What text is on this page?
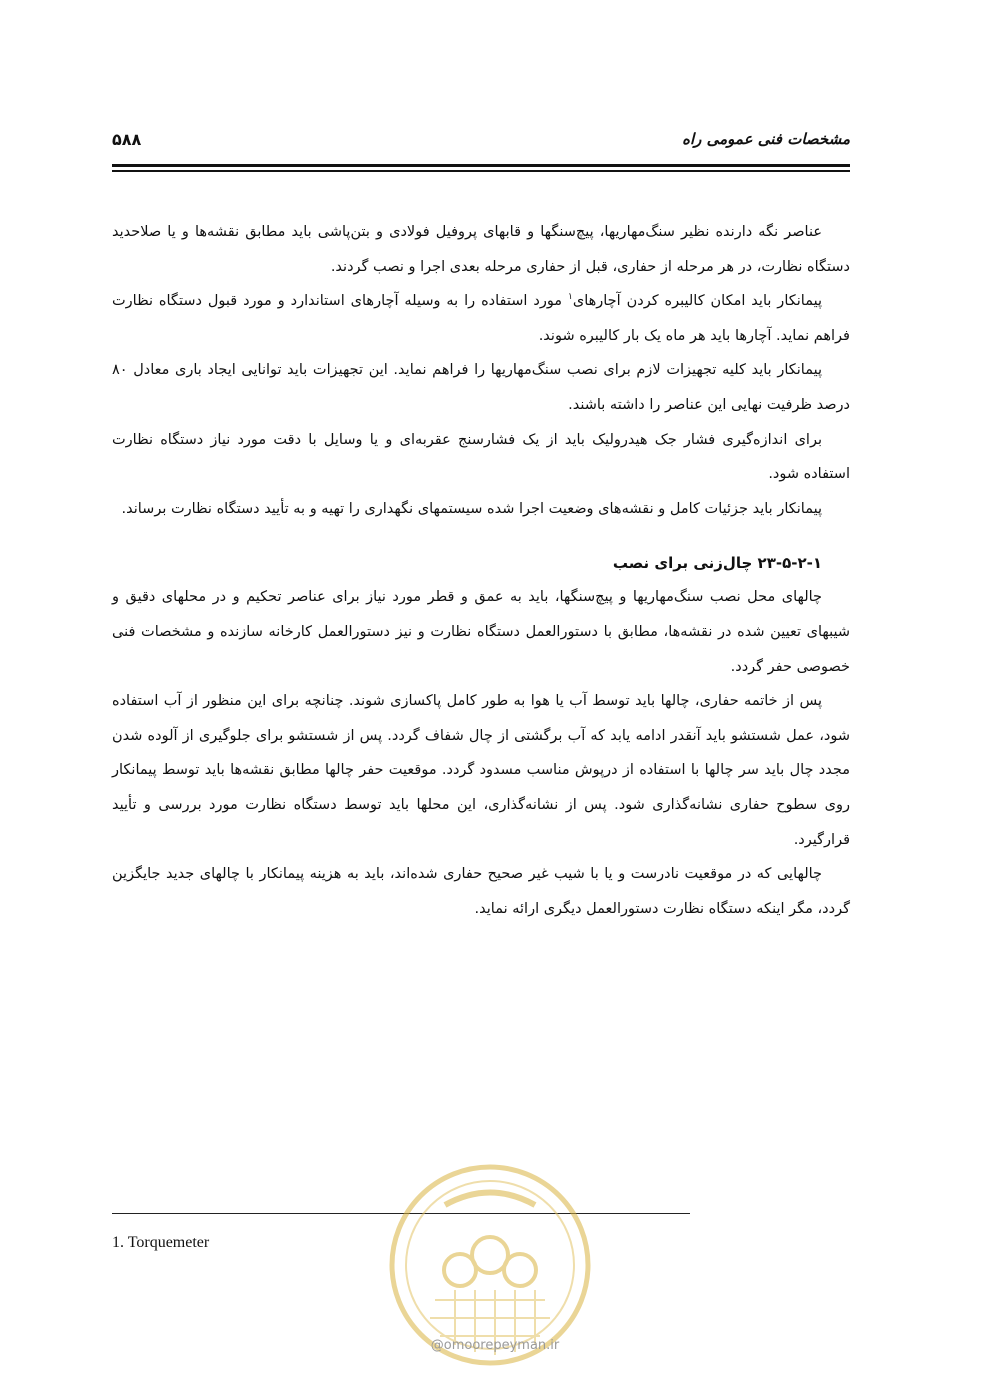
مشخصات فنی عمومی راه
۵۸۸

عناصر نگه دارنده نظیر سنگ‌مهاریها، پیچ‌سنگها و قابهای پروفیل فولادی و بتن‌پاشی باید مطابق نقشه‌ها و یا صلاحدید دستگاه نظارت، در هر مرحله از حفاری، قبل از حفاری مرحله بعدی اجرا و نصب گردند.

پیمانکار باید امکان کالیبره کردن آچارهای$^۱$ مورد استفاده را به وسیله آچارهای استاندارد و مورد قبول دستگاه نظارت فراهم نماید. آچارها باید هر ماه یک بار کالیبره شوند.

پیمانکار باید کلیه تجهیزات لازم برای نصب سنگ‌مهاریها را فراهم نماید. این تجهیزات باید توانایی ایجاد باری معادل ۸۰ درصد ظرفیت نهایی این عناصر را داشته باشند.

برای اندازه‌گیری فشار جک هیدرولیک باید از یک فشارسنج عقربه‌ای و یا وسایل با دقت مورد نیاز دستگاه نظارت استفاده شود.

پیمانکار باید جزئیات کامل و نقشه‌های وضعیت اجرا شده سیستمهای نگهداری را تهیه و به تأیید دستگاه نظارت برساند.

۲۳-۵-۲-۱ چال‌زنی برای نصب

چالهای محل نصب سنگ‌مهاریها و پیچ‌سنگها، باید به عمق و قطر مورد نیاز برای عناصر تحکیم و در محلهای دقیق و شیبهای تعیین شده در نقشه‌ها، مطابق با دستورالعمل دستگاه نظارت و نیز دستورالعمل کارخانه سازنده و مشخصات فنی خصوصی حفر گردد.

پس از خاتمه حفاری، چالها باید توسط آب یا هوا به طور کامل پاکسازی شوند. چنانچه برای این منظور از آب استفاده شود، عمل شستشو باید آنقدر ادامه یابد که آب برگشتی از چال شفاف گردد. پس از شستشو برای جلوگیری از آلوده شدن مجدد چال باید سر چالها با استفاده از درپوش مناسب مسدود گردد. موقعیت حفر چالها مطابق نقشه‌ها باید توسط پیمانکار روی سطوح حفاری نشانه‌گذاری شود. پس از نشانه‌گذاری، این محلها باید توسط دستگاه نظارت مورد بررسی و تأیید قرارگیرد.

چالهایی که در موقعیت نادرست و یا با شیب غیر صحیح حفاری شده‌اند، باید به هزینه پیمانکار با چالهای جدید جایگزین گردد، مگر اینکه دستگاه نظارت دستورالعمل دیگری ارائه نماید.

1. Torquemeter
@omoorepeyman.ir
